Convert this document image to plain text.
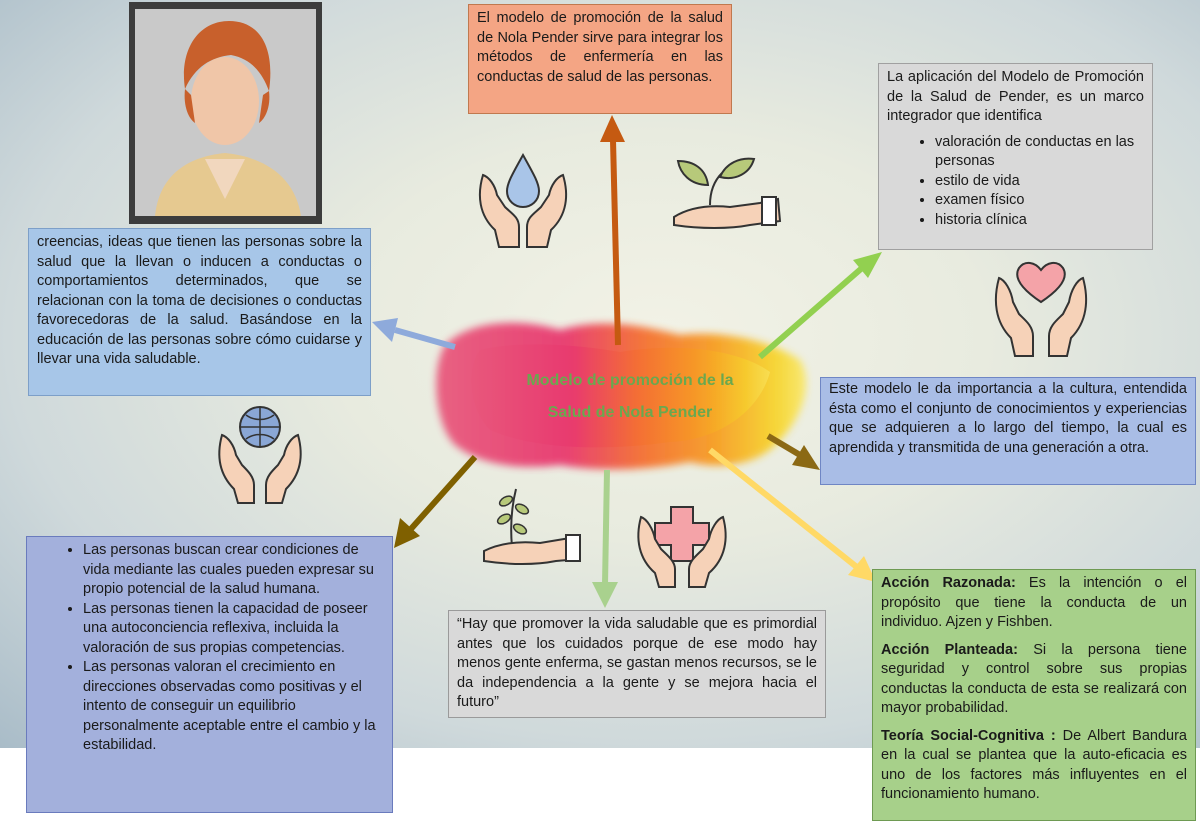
Modelo de promoción de la
Salud de Nola Pender

El modelo de promoción de la salud de Nola Pender sirve para integrar los métodos de enfermería en las conductas de salud de las personas.

creencias, ideas que tienen las personas sobre la salud que la llevan o inducen a conductas o comportamientos determinados, que se relacionan con la toma de decisiones o conductas favorecedoras de la salud. Basándose en la educación de las personas sobre cómo cuidarse y llevar una vida saludable.

La aplicación del Modelo de Promoción de la Salud de Pender, es un marco integrador que identifica

• valoración de conductas en las personas
• estilo de vida
• examen físico
• historia clínica

Este modelo le da importancia a la cultura, entendida ésta como el conjunto de conocimientos y experiencias que se adquieren a lo largo del tiempo, la cual es aprendida y transmitida de una generación a otra.

• Las personas buscan crear condiciones de vida mediante las cuales pueden expresar su propio potencial de la salud humana.
• Las personas tienen la capacidad de poseer una autoconciencia reflexiva, incluida la valoración de sus propias competencias.
• Las personas valoran el crecimiento en direcciones observadas como positivas y el intento de conseguir un equilibrio personalmente aceptable entre el cambio y la estabilidad.

“Hay que promover la vida saludable que es primordial antes que los cuidados porque de ese modo hay menos gente enferma, se gastan menos recursos, se le da independencia a la gente y se mejora hacia el futuro”

Acción Razonada: Es la intención o el propósito que tiene la conducta de un individuo. Ajzen y Fishben.

Acción Planteada: Si la persona tiene seguridad y control sobre sus propias conductas la conducta de esta se realizará con mayor probabilidad.

Teoría Social-Cognitiva : De Albert Bandura en la cual se plantea que la auto-eficacia es uno de los factores más influyentes en el funcionamiento humano.
